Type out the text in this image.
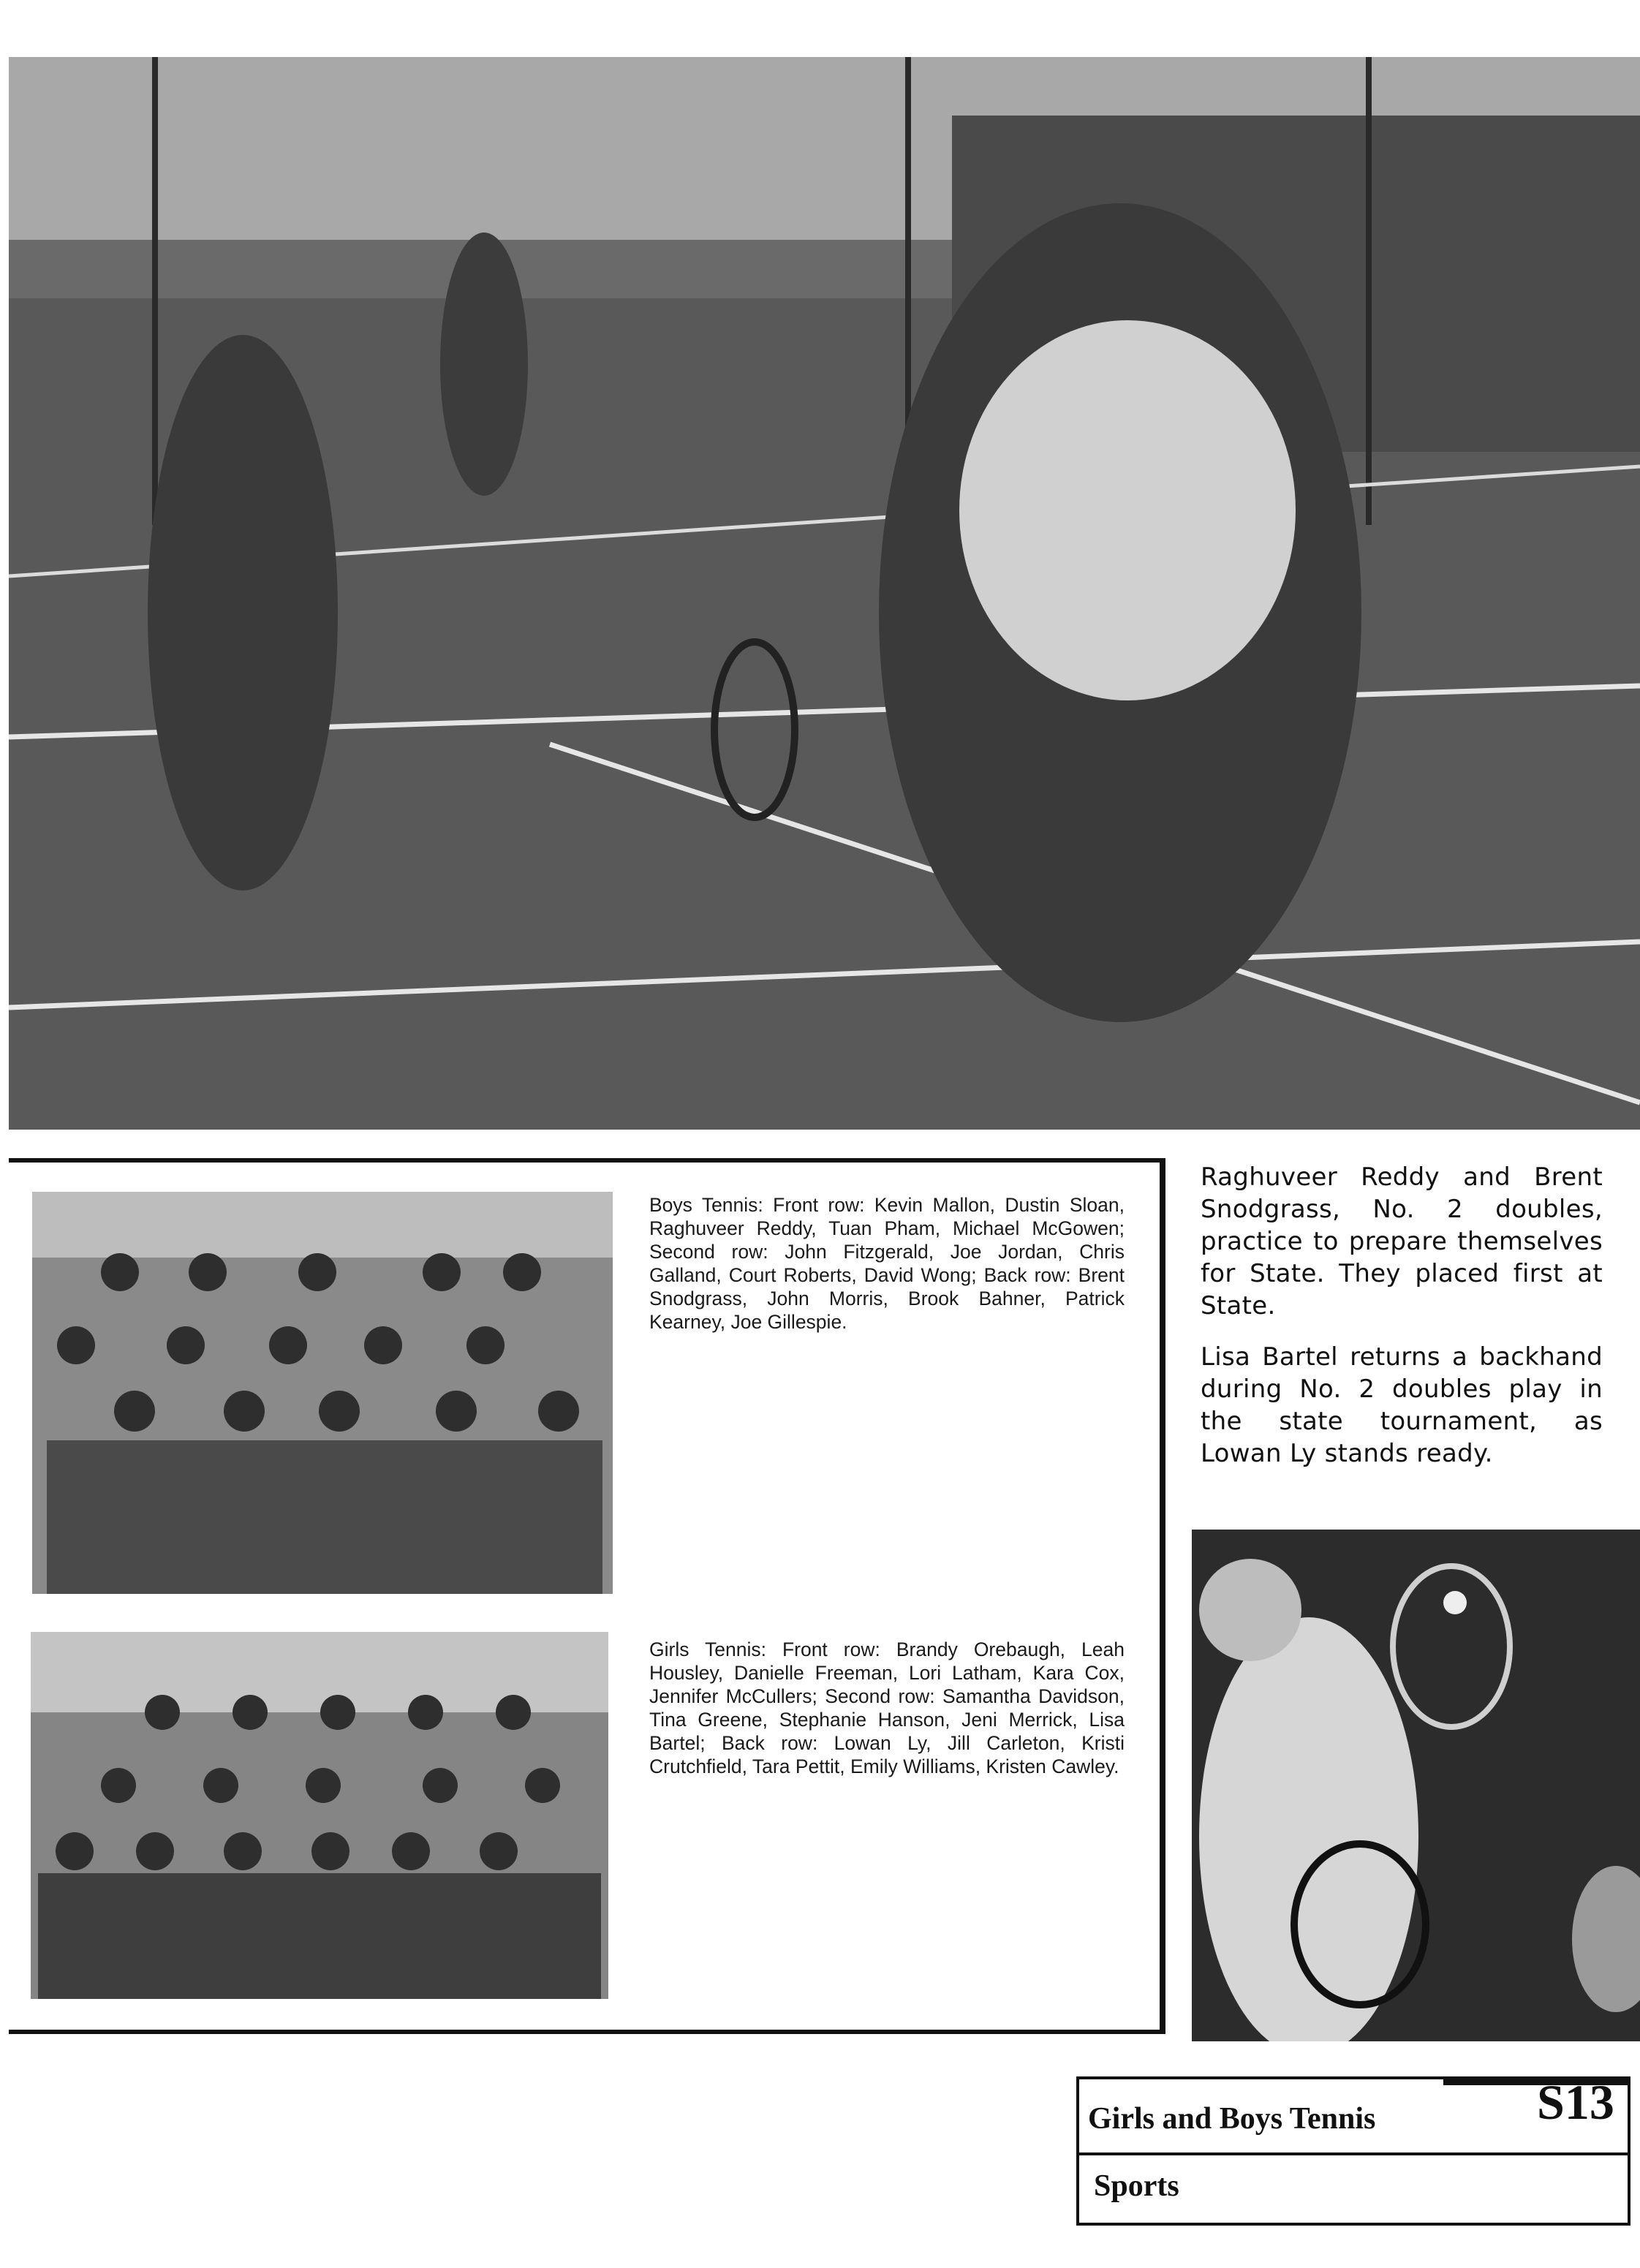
Boys Tennis: Front row: Kevin Mallon, Dustin Sloan, Raghuveer Reddy, Tuan Pham, Michael McGowen; Second row: John Fitzgerald, Joe Jordan, Chris Galland, Court Roberts, David Wong; Back row: Brent Snodgrass, John Morris, Brook Bahner, Patrick Kearney, Joe Gillespie.
Girls Tennis: Front row: Brandy Orebaugh, Leah Housley, Danielle Freeman, Lori Latham, Kara Cox, Jennifer McCullers; Second row: Samantha Davidson, Tina Greene, Stephanie Hanson, Jeni Merrick, Lisa Bartel; Back row: Lowan Ly, Jill Carleton, Kristi Crutchfield, Tara Pettit, Emily Williams, Kristen Cawley.
Raghuveer Reddy and Brent Snodgrass, No. 2 doubles, practice to prepare themselves for State. They placed first at State.
Lisa Bartel returns a backhand during No. 2 doubles play in the state tournament, as Lowan Ly stands ready.
Girls and Boys Tennis
Sports
S13
